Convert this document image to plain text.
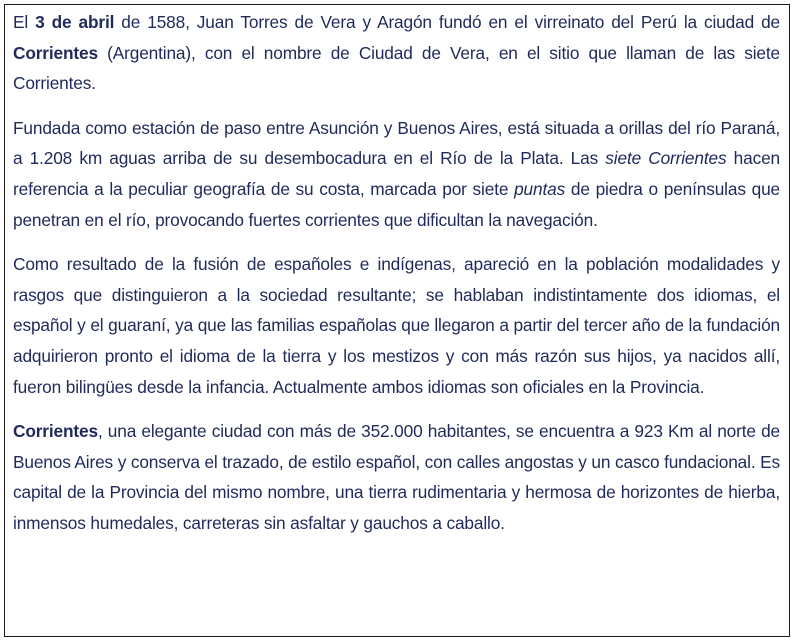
El 3 de abril de 1588, Juan Torres de Vera y Aragón fundó en el virreinato del Perú la ciudad de Corrientes (Argentina), con el nombre de Ciudad de Vera, en el sitio que llaman de las siete Corrientes.

Fundada como estación de paso entre Asunción y Buenos Aires, está situada a orillas del río Paraná, a 1.208 km aguas arriba de su desembocadura en el Río de la Plata. Las siete Corrientes hacen referencia a la peculiar geografía de su costa, marcada por siete puntas de piedra o penínsulas que penetran en el río, provocando fuertes corrientes que dificultan la navegación.

Como resultado de la fusión de españoles e indígenas, apareció en la población modalidades y rasgos que distinguieron a la sociedad resultante; se hablaban indistintamente dos idiomas, el español y el guaraní, ya que las familias españolas que llegaron a partir del tercer año de la fundación adquirieron pronto el idioma de la tierra y los mestizos y con más razón sus hijos, ya nacidos allí, fueron bilingües desde la infancia. Actualmente ambos idiomas son oficiales en la Provincia.

Corrientes, una elegante ciudad con más de 352.000 habitantes, se encuentra a 923 Km al norte de Buenos Aires y conserva el trazado, de estilo español, con calles angostas y un casco fundacional. Es capital de la Provincia del mismo nombre, una tierra rudimentaria y hermosa de horizontes de hierba, inmensos humedales, carreteras sin asfaltar y gauchos a caballo.
